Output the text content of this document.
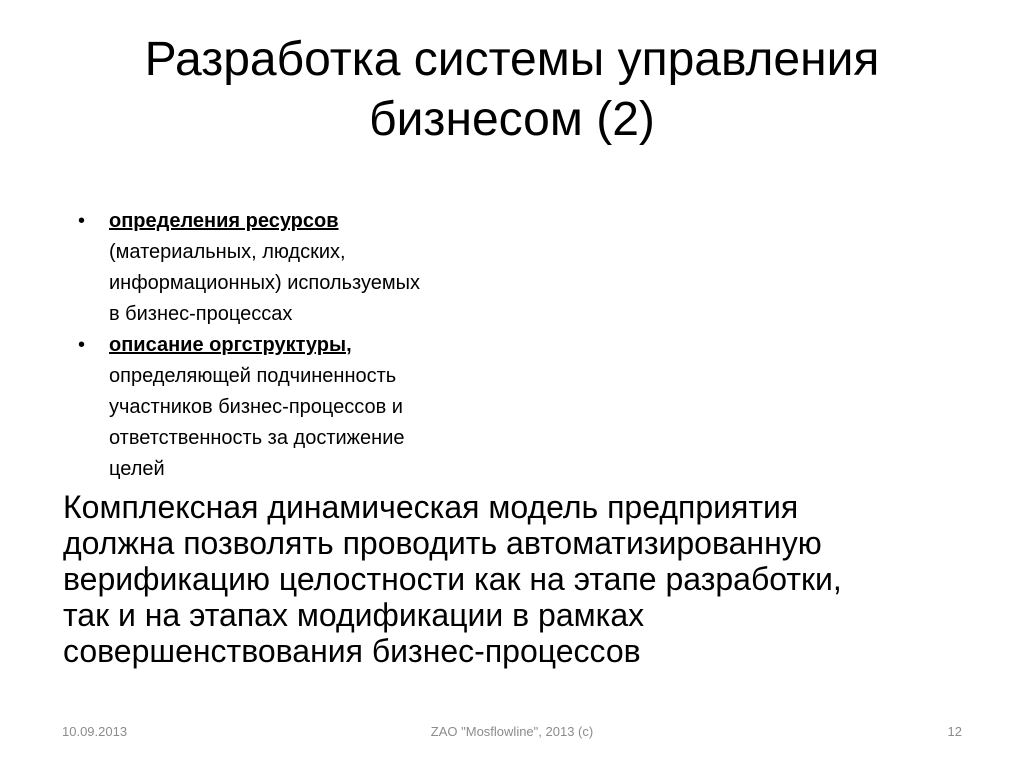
Разработка системы управления
бизнесом (2)
•	определения ресурсов
(материальных, людских,
информационных) используемых
в бизнес-процессах
•	описание оргструктуры,
определяющей подчиненность
участников бизнес-процессов и
ответственность за достижение
целей

Комплексная динамическая модель предприятия
должна позволять проводить автоматизированную
верификацию целостности как на этапе разработки,
так и на этапах модификации в рамках
совершенствования бизнес-процессов

10.09.2013	ZAO "Mosflowline", 2013 (c)	12
